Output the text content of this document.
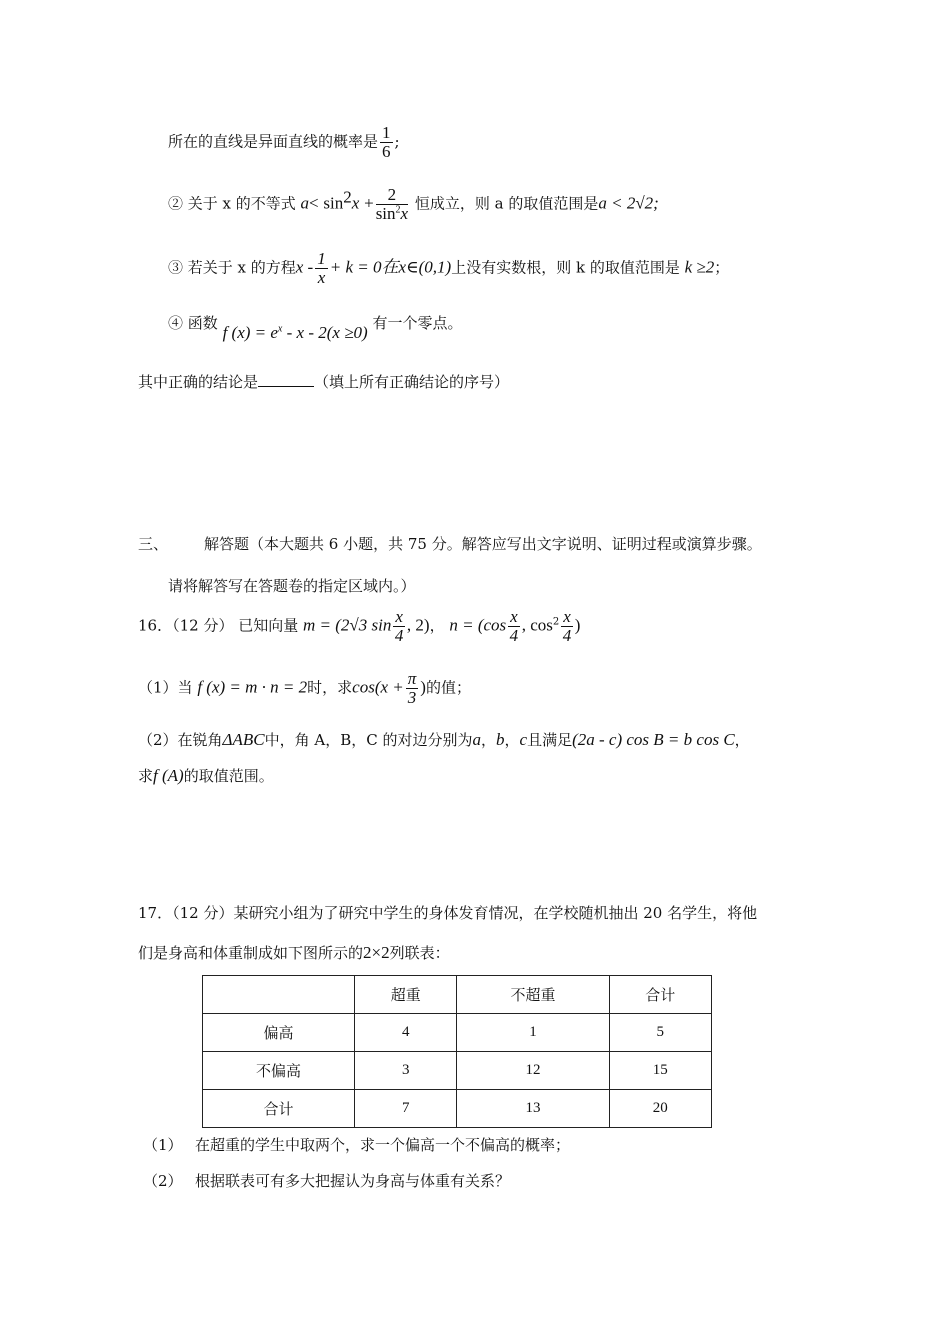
所在的直线是异面直线的概率是 $\frac{1}{6}$ ;
② 关于 x 的不等式 $a< \sin^2x + \frac{2}{\sin^2x}$ 恒成立，则 a 的取值范围是a < 2√2;
③ 若关于 x 的方程$x - \frac{1}{x} + k = 0$在x∈(0,1)上没有实数根，则 k 的取值范围是 k ≥2；
④ 函数 f $(x) = e^x - x - 2(x \ge 0)$ 有一个零点。
其中正确的结论是	（填上所有正确结论的序号）
三、 解答题（本大题共 6 小题，共 75 分。解答应写出文字说明、证明过程或演算步骤。
请将解答写在答题卷的指定区域内。）
16．（12 分） 已知向量 m = (2√3 $\sin \frac{x}{4}$ , 2)， $n = (\cos \frac{x}{4}$ , $\cos^2 \frac{x}{4}$ )
（1）当 f (x) = m · n = 2时，求$\cos(x + \frac{\pi}{3}$ )的值；
（2）在锐角ΔABC中，角 A，B，C 的对边分别为a，b，c且满足(2a - c) cos B = b cos C，
求f (A)的取值范围。
17．（12 分）某研究小组为了研究中学生的身体发育情况，在学校随机抽出 20 名学生，将他
们是身高和体重制成如下图所示的2×2列联表：
	超重	不超重	合计
偏高	4	1	5
不偏高	3	12	15
合计	7	13	20
（1） 在超重的学生中取两个，求一个偏高一个不偏高的概率；
（2） 根据联表可有多大把握认为身高与体重有关系？
